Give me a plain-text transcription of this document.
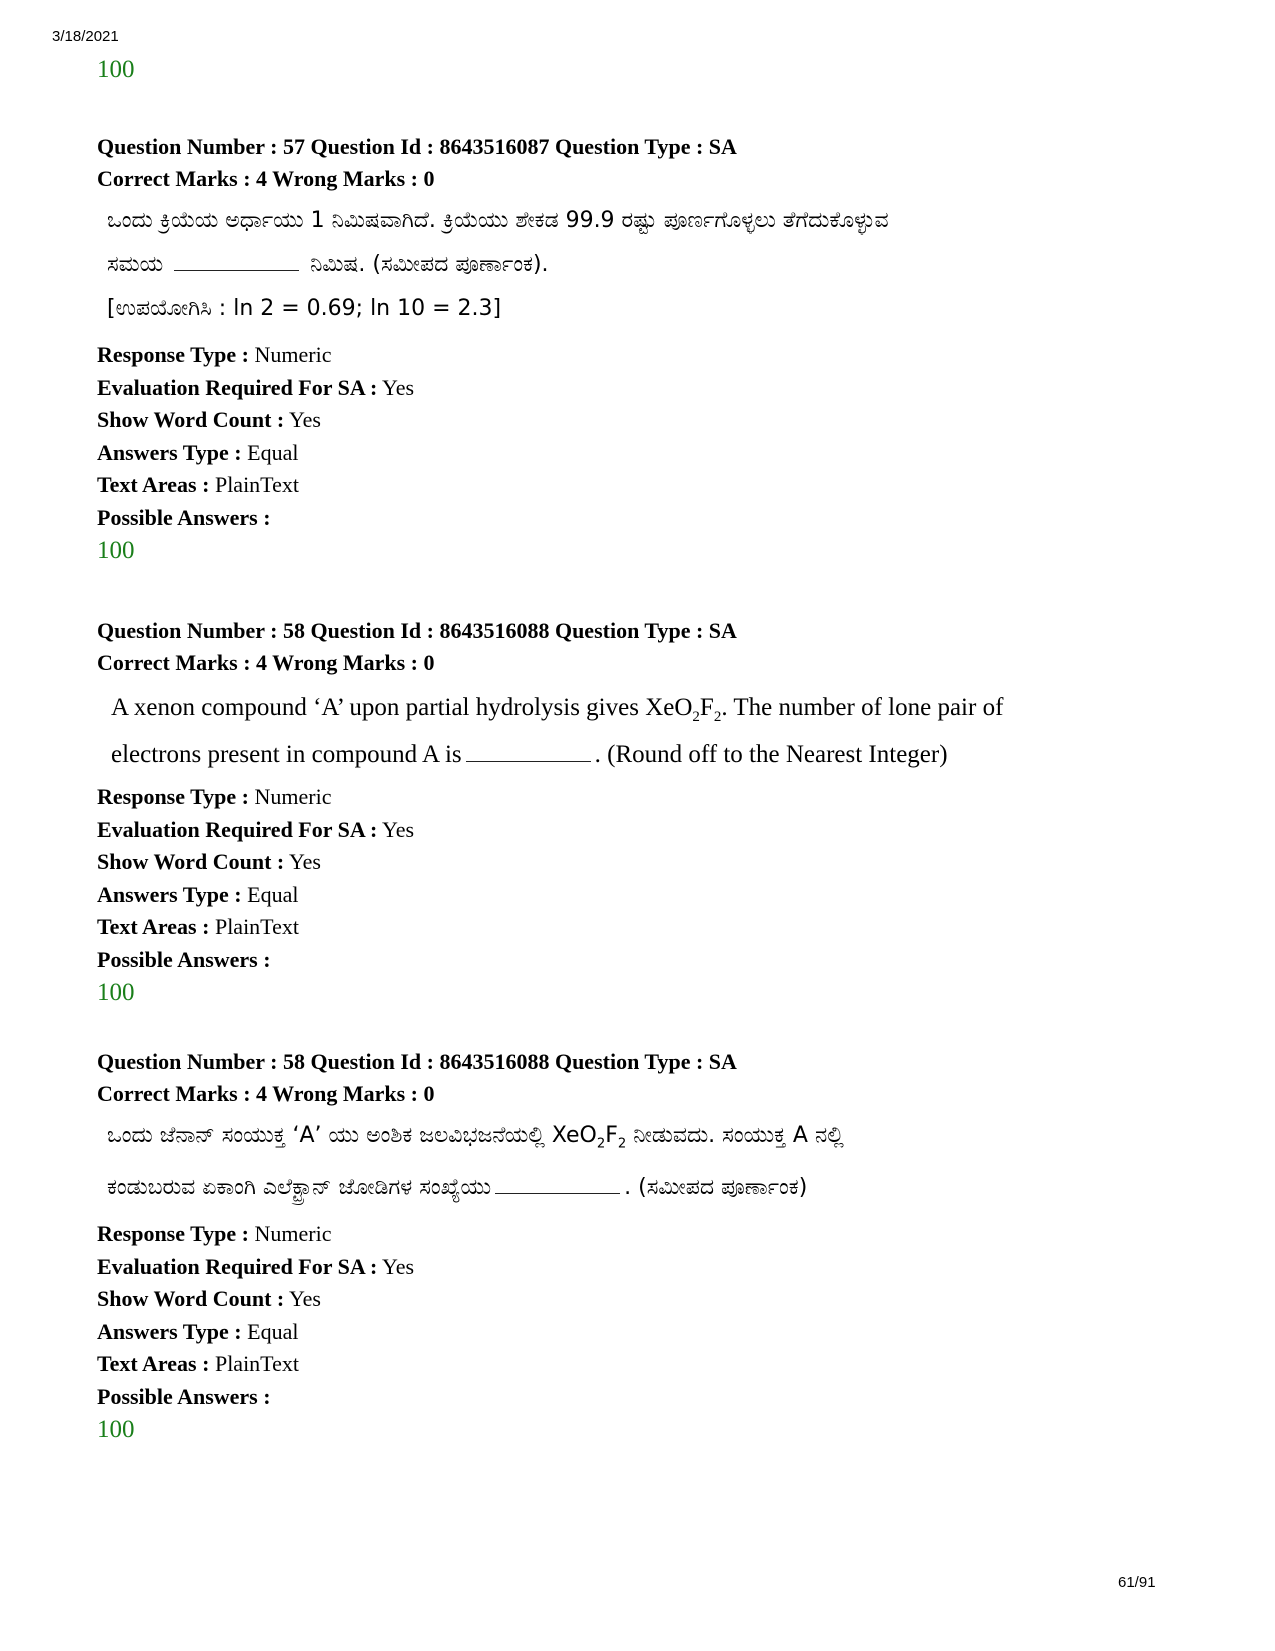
3/18/2021
100
Question Number : 57 Question Id : 8643516087 Question Type : SA
Correct Marks : 4 Wrong Marks : 0
ಒಂದು ಕ್ರಿಯೆಯ ಅರ್ಧಾಯು 1 ನಿಮಿಷವಾಗಿದೆ. ಕ್ರಿಯೆಯು ಶೇಕಡ 99.9 ರಷ್ಟು ಪೂರ್ಣಗೊಳ್ಳಲು ತೆಗೆದುಕೊಳ್ಳುವ
ಸಮಯ	ನಿಮಿಷ. (ಸಮೀಪದ ಪೂರ್ಣಾಂಕ).
[ಉಪಯೋಗಿಸಿ : ln 2 = 0.69; ln 10 = 2.3]
Response Type : Numeric
Evaluation Required For SA : Yes
Show Word Count : Yes
Answers Type : Equal
Text Areas : PlainText
Possible Answers :
100
Question Number : 58 Question Id : 8643516088 Question Type : SA
Correct Marks : 4 Wrong Marks : 0
A xenon compound ‘A’ upon partial hydrolysis gives $XeO_2F_2$. The number of lone pair of
electrons present in compound A is	. (Round off to the Nearest Integer)
Response Type : Numeric
Evaluation Required For SA : Yes
Show Word Count : Yes
Answers Type : Equal
Text Areas : PlainText
Possible Answers :
100
Question Number : 58 Question Id : 8643516088 Question Type : SA
Correct Marks : 4 Wrong Marks : 0
ಒಂದು ಜೆನಾನ್ ಸಂಯುಕ್ತ ‘A’ ಯು ಅಂಶಿಕ ಜಲವಿಭಜನೆಯಲ್ಲಿ $XeO_2F_2$ ನೀಡುವದು. ಸಂಯುಕ್ತ A ನಲ್ಲಿ
ಕಂಡುಬರುವ ಏಕಾಂಗಿ ಎಲೆಕ್ಟ್ರಾನ್ ಜೋಡಿಗಳ ಸಂಖ್ಯೆಯು	. (ಸಮೀಪದ ಪೂರ್ಣಾಂಕ)
Response Type : Numeric
Evaluation Required For SA : Yes
Show Word Count : Yes
Answers Type : Equal
Text Areas : PlainText
Possible Answers :
100
61/91
